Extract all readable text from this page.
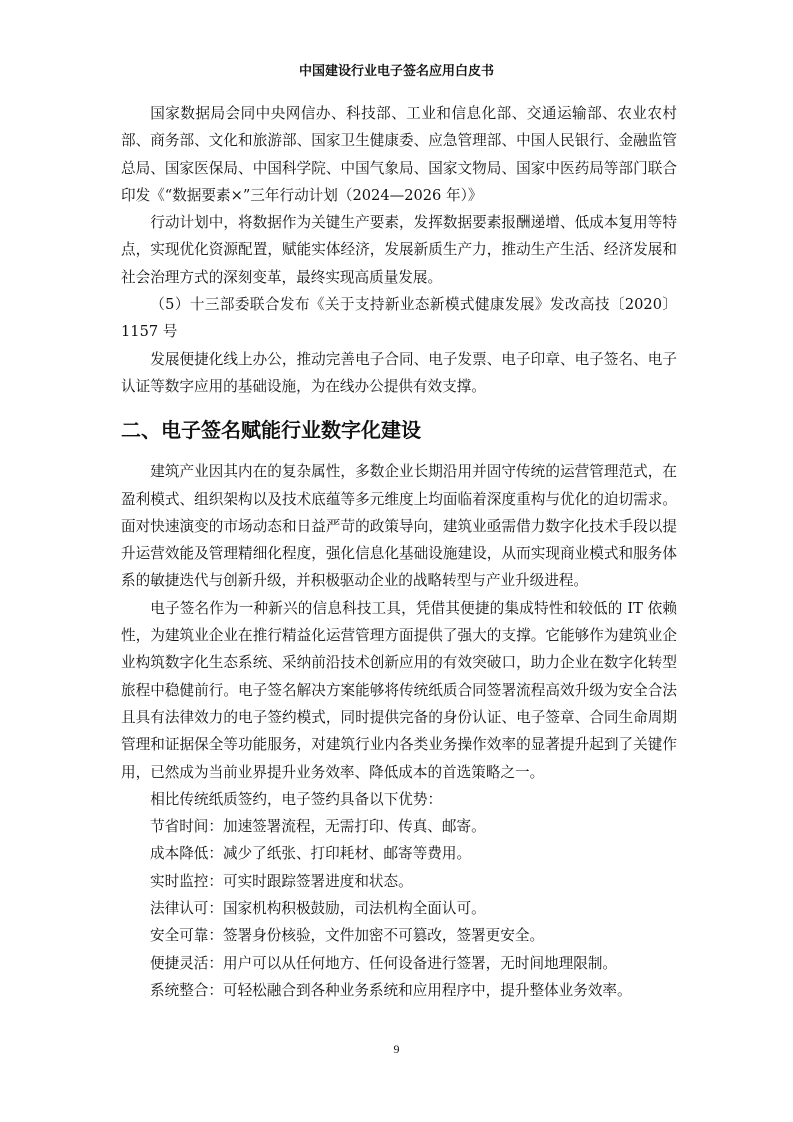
中国建设行业电子签名应用白皮书

国家数据局会同中央网信办、科技部、工业和信息化部、交通运输部、农业农村部、商务部、文化和旅游部、国家卫生健康委、应急管理部、中国人民银行、金融监管总局、国家医保局、中国科学院、中国气象局、国家文物局、国家中医药局等部门联合印发《“数据要素×”三年行动计划（2024—2026 年）》

行动计划中，将数据作为关键生产要素，发挥数据要素报酬递增、低成本复用等特点，实现优化资源配置，赋能实体经济，发展新质生产力，推动生产生活、经济发展和社会治理方式的深刻变革，最终实现高质量发展。

（5）十三部委联合发布《关于支持新业态新模式健康发展》发改高技〔2020〕1157 号

发展便捷化线上办公，推动完善电子合同、电子发票、电子印章、电子签名、电子认证等数字应用的基础设施，为在线办公提供有效支撑。

二、电子签名赋能行业数字化建设

建筑产业因其内在的复杂属性，多数企业长期沿用并固守传统的运营管理范式，在盈利模式、组织架构以及技术底蕴等多元维度上均面临着深度重构与优化的迫切需求。面对快速演变的市场动态和日益严苛的政策导向，建筑业亟需借力数字化技术手段以提升运营效能及管理精细化程度，强化信息化基础设施建设，从而实现商业模式和服务体系的敏捷迭代与创新升级，并积极驱动企业的战略转型与产业升级进程。

电子签名作为一种新兴的信息科技工具，凭借其便捷的集成特性和较低的 IT 依赖性，为建筑业企业在推行精益化运营管理方面提供了强大的支撑。它能够作为建筑业企业构筑数字化生态系统、采纳前沿技术创新应用的有效突破口，助力企业在数字化转型旅程中稳健前行。电子签名解决方案能够将传统纸质合同签署流程高效升级为安全合法且具有法律效力的电子签约模式，同时提供完备的身份认证、电子签章、合同生命周期管理和证据保全等功能服务，对建筑行业内各类业务操作效率的显著提升起到了关键作用，已然成为当前业界提升业务效率、降低成本的首选策略之一。

相比传统纸质签约，电子签约具备以下优势：

节省时间：加速签署流程，无需打印、传真、邮寄。

成本降低：减少了纸张、打印耗材、邮寄等费用。

实时监控：可实时跟踪签署进度和状态。

法律认可：国家机构积极鼓励，司法机构全面认可。

安全可靠：签署身份核验，文件加密不可篡改，签署更安全。

便捷灵活：用户可以从任何地方、任何设备进行签署，无时间地理限制。

系统整合：可轻松融合到各种业务系统和应用程序中，提升整体业务效率。

9
